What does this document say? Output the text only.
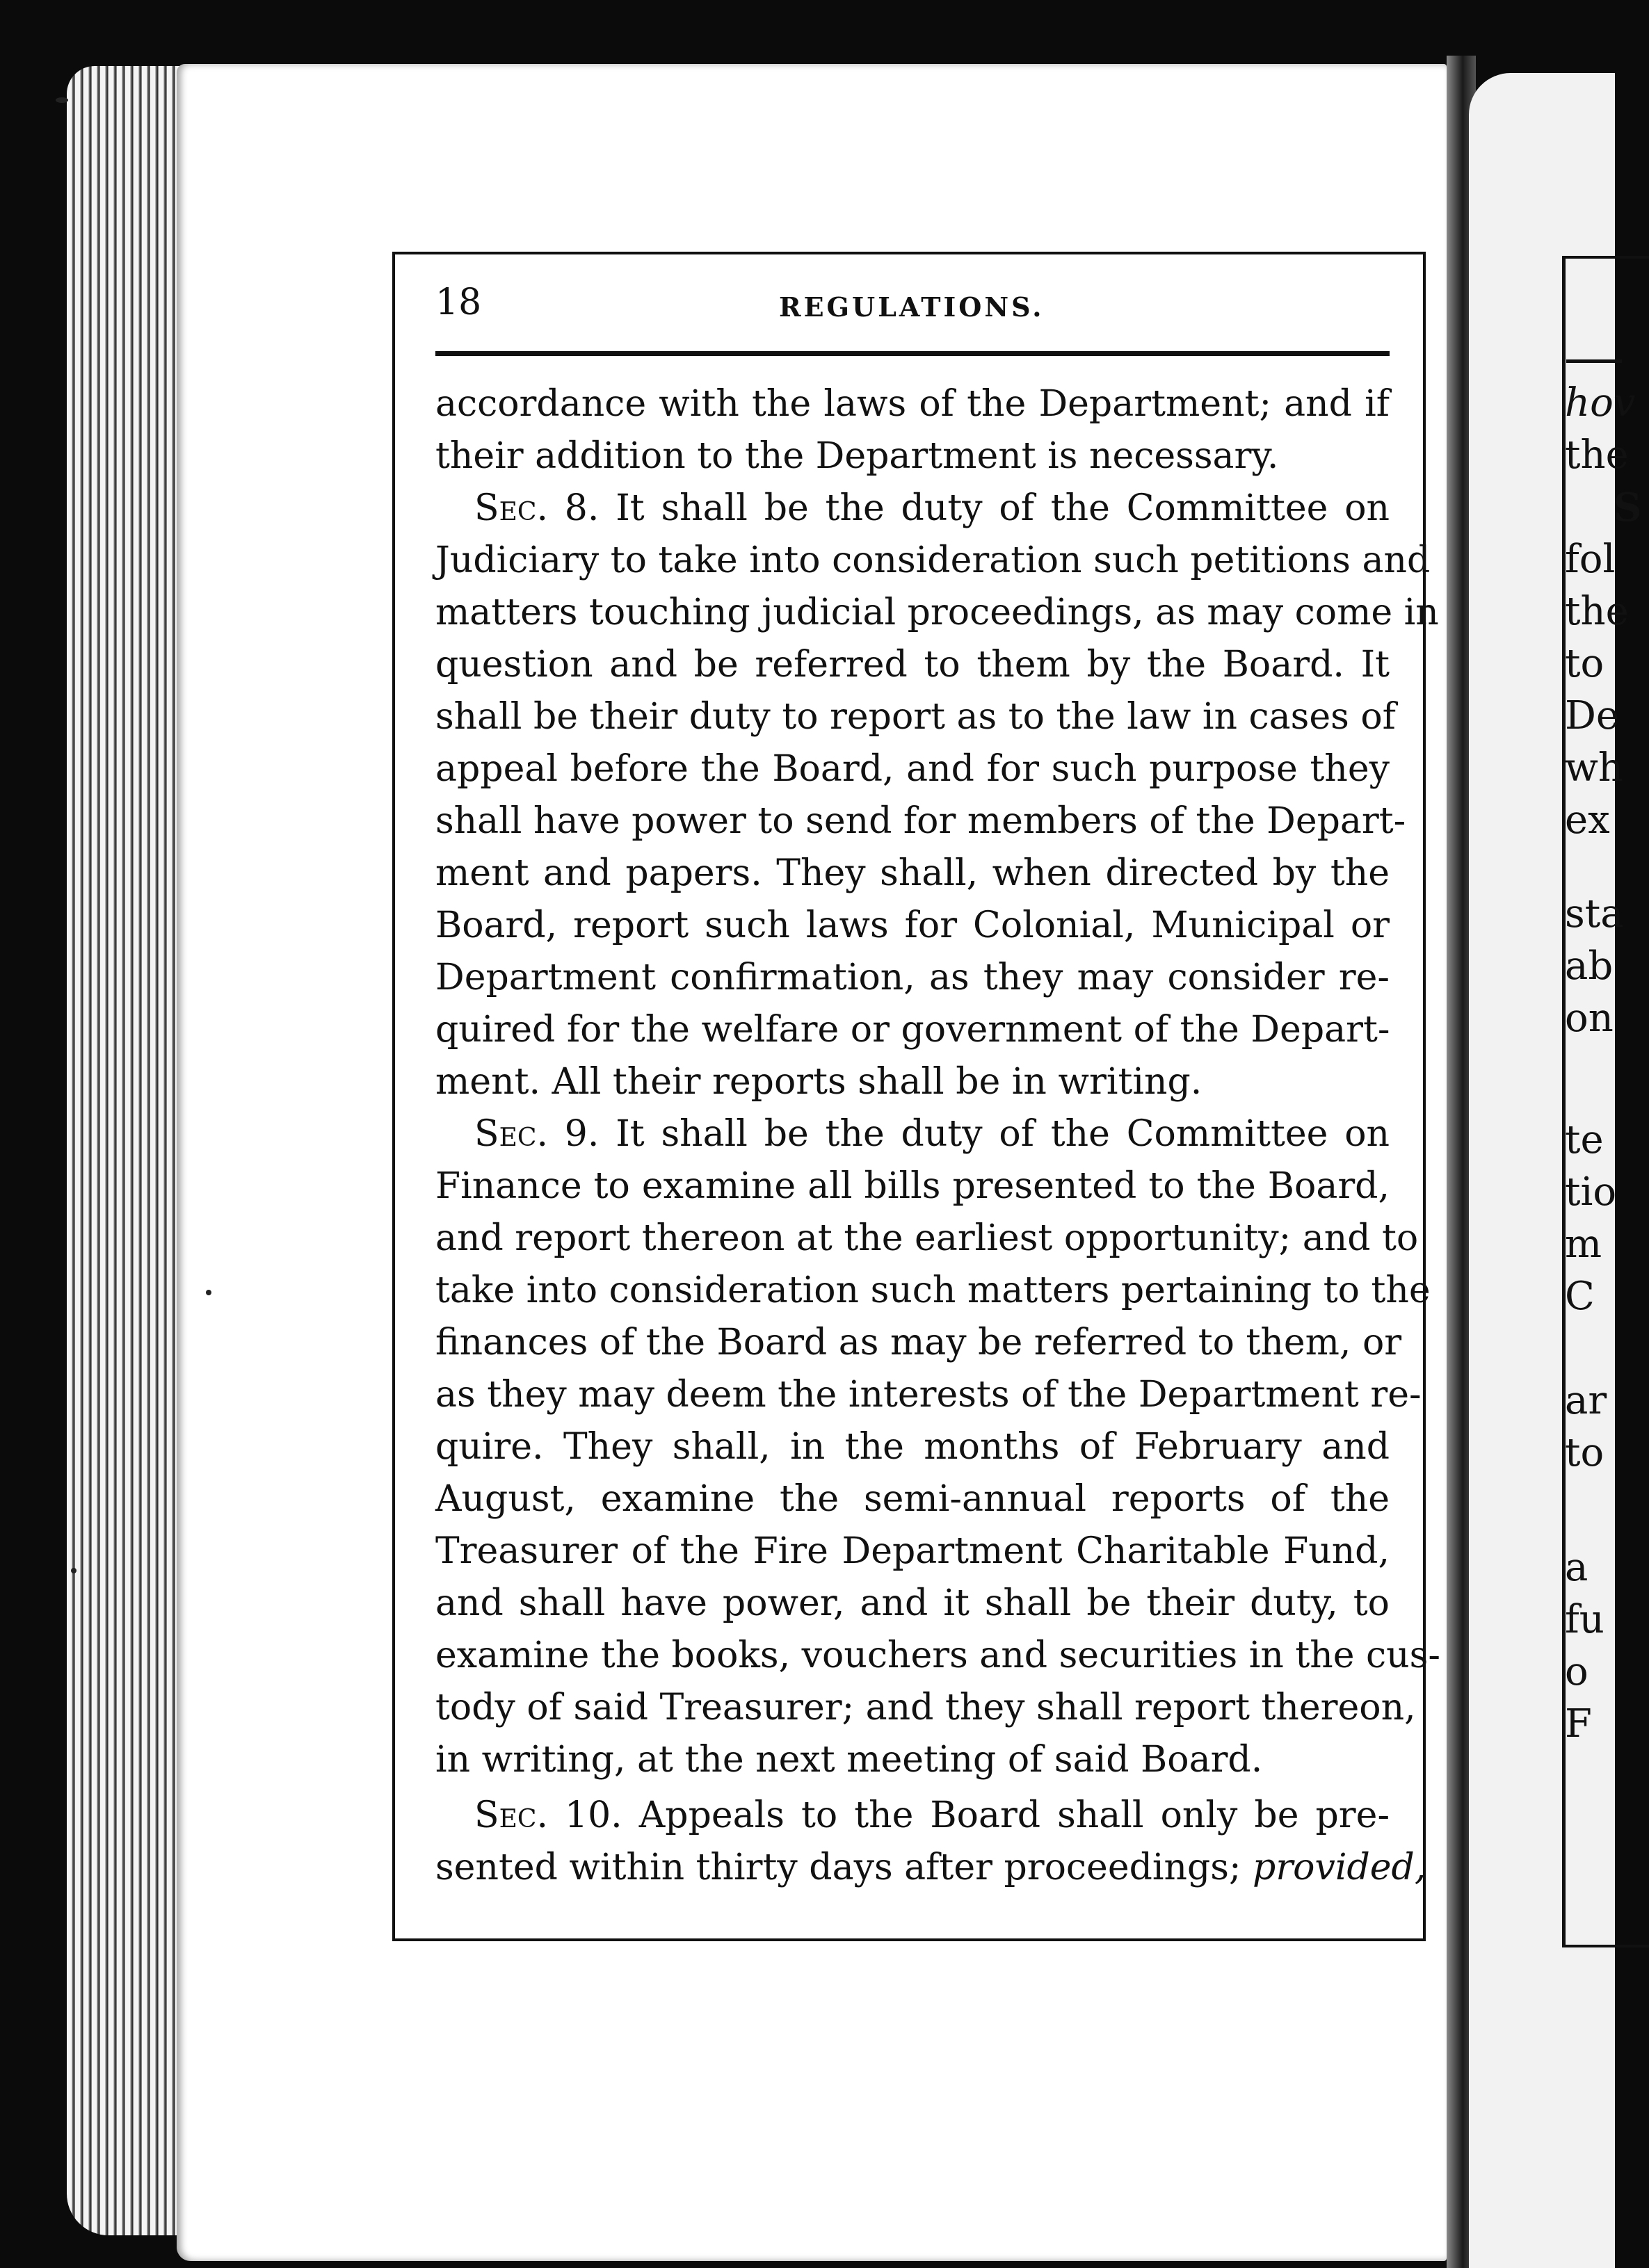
hov
the
S
fol
the
to
De
wh
ex
sta
ab
on
te
tio
m
C
ar
to
a
fu
o
F
18	REGULATIONS.
accordance with the laws of the Department; and if
their addition to the Department is necessary.
Sec. 8. It shall be the duty of the Committee on
Judiciary to take into consideration such petitions and
matters touching judicial proceedings, as may come in
question and be referred to them by the Board. It
shall be their duty to report as to the law in cases of
appeal before the Board, and for such purpose they
shall have power to send for members of the Depart-
ment and papers. They shall, when directed by the
Board, report such laws for Colonial, Municipal or
Department confirmation, as they may consider re-
quired for the welfare or government of the Depart-
ment. All their reports shall be in writing.
Sec. 9. It shall be the duty of the Committee on
Finance to examine all bills presented to the Board,
and report thereon at the earliest opportunity; and to
take into consideration such matters pertaining to the
finances of the Board as may be referred to them, or
as they may deem the interests of the Department re-
quire. They shall, in the months of February and
August, examine the semi-annual reports of the
Treasurer of the Fire Department Charitable Fund,
and shall have power, and it shall be their duty, to
examine the books, vouchers and securities in the cus-
tody of said Treasurer; and they shall report thereon,
in writing, at the next meeting of said Board.
Sec. 10. Appeals to the Board shall only be pre-
sented within thirty days after proceedings; provided,
